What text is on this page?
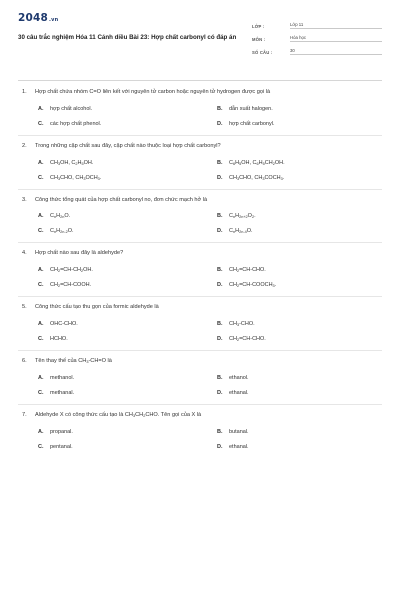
2048.vn
30 câu trắc nghiệm Hóa 11 Cánh diều Bài 23: Hợp chất carbonyl có đáp án
LỚP :	Lớp 11
MÔN :	Hóa học
SỐ CÂU :	30
1.	Hợp chất chứa nhóm C=O liên kết với nguyên tử carbon hoặc nguyên tử hydrogen được gọi là
A.	hợp chất alcohol.	B.	dẫn xuất halogen.
C.	các hợp chất phenol.	D.	hợp chất carbonyl.
2.	Trong những cặp chất sau đây, cặp chất nào thuộc loại hợp chất carbonyl?
A.	$CH_3OH$, $C_2H_5OH$.	B.	$C_6H_5OH$, $C_6H_5CH_2OH$.
C.	$CH_3CHO$, $CH_3OCH_3$.	D.	$CH_3CHO$, $CH_3COCH_3$.
3.	Công thức tổng quát của hợp chất carbonyl no, đơn chức mạch hở là
A.	$C_nH_{2n}O$.	B.	$C_nH_{2n+2}O_2$.
C.	$C_nH_{2n-2}O$.	D.	$C_nH_{2n-4}O$.
4.	Hợp chất nào sau đây là aldehyde?
A.	$CH_2=CH-CH_2OH$.	B.	$CH_2=CH$-CHO.
C.	$CH_2=CH$-COOH.	D.	$CH_2=CH-COOCH_3$.
5.	Công thức cấu tạo thu gọn của formic aldehyde là
A.	OHC-CHO.	B.	$CH_3$-CHO.
C.	HCHO.	D.	$CH_2=CH$-CHO.
6.	Tên thay thế của $CH_3-CH=O$ là
A.	methanol.	B.	ethanol.
C.	methanal.	D.	ethanal.
7.	Aldehyde X có công thức cấu tạo là $CH_3CH_2CHO$. Tên gọi của X là
A.	propanal.	B.	butanal.
C.	pentanal.	D.	ethanal.
